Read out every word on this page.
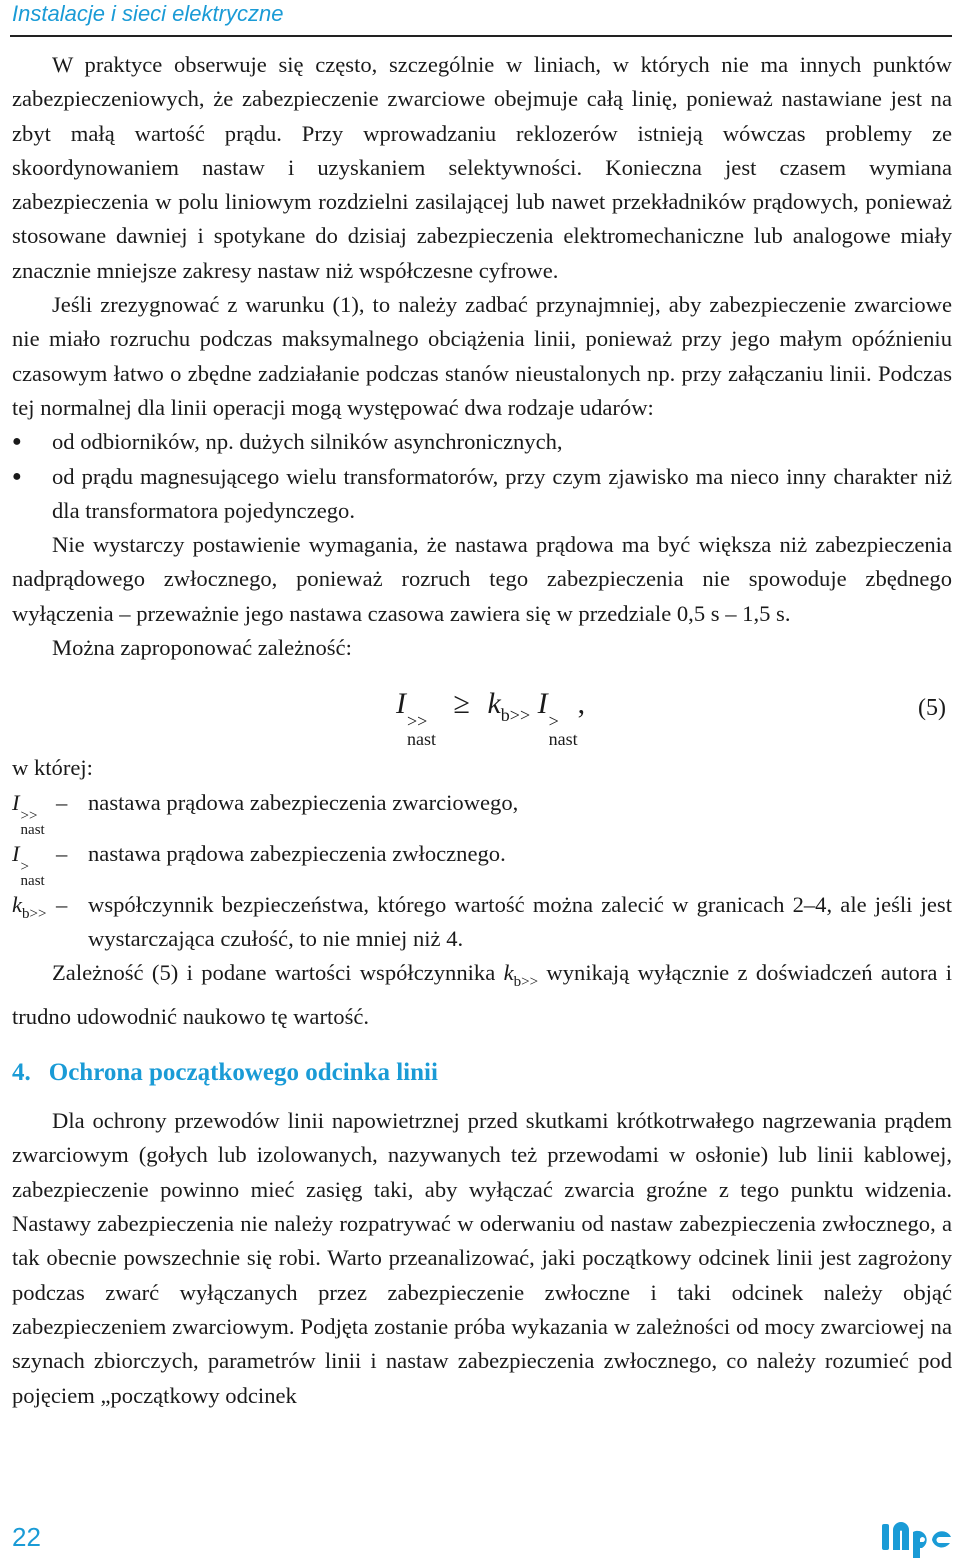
Instalacje i sieci elektryczne

W praktyce obserwuje się często, szczególnie w liniach, w których nie ma innych punktów zabezpieczeniowych, że zabezpieczenie zwarciowe obejmuje całą linię, ponieważ nastawiane jest na zbyt małą wartość prądu. Przy wprowadzaniu reklozerów istnieją wówczas problemy ze skoordynowaniem nastaw i uzyskaniem selektywności. Konieczna jest czasem wymiana zabezpieczenia w polu liniowym rozdzielni zasilającej lub nawet przekładników prądowych, ponieważ stosowane dawniej i spotykane do dzisiaj zabezpieczenia elektromechaniczne lub analogowe miały znacznie mniejsze zakresy nastaw niż współczesne cyfrowe.

Jeśli zrezygnować z warunku (1), to należy zadbać przynajmniej, aby zabezpieczenie zwarciowe nie miało rozruchu podczas maksymalnego obciążenia linii, ponieważ przy jego małym opóźnieniu czasowym łatwo o zbędne zadziałanie podczas stanów nieustalonych np. przy załączaniu linii. Podczas tej normalnej dla linii operacji mogą występować dwa rodzaje udarów:

●	od odbiorników, np. dużych silników asynchronicznych,
●	od prądu magnesującego wielu transformatorów, przy czym zjawisko ma nieco inny charakter niż dla transformatora pojedynczego.

Nie wystarczy postawienie wymagania, że nastawa prądowa ma być większa niż zabezpieczenia nadprądowego zwłocznego, ponieważ rozruch tego zabezpieczenia nie spowoduje zbędnego wyłączenia – przeważnie jego nastawa czasowa zawiera się w przedziale 0,5 s – 1,5 s.

Można zaproponować zależność:

I
>>
nast
≥ $k_{b>>}$ I
>
nast
,	(5)

w której:

I
>>
nast
– nastawa prądowa zabezpieczenia zwarciowego,
I
>
nast
– nastawa prądowa zabezpieczenia zwłocznego.
$k_{b>>}$ – współczynnik bezpieczeństwa, którego wartość można zalecić w granicach 2–4, ale jeśli jest wystarczająca czułość, to nie mniej niż 4.

Zależność (5) i podane wartości współczynnika $k_{b>>}$ wynikają wyłącznie z doświadczeń autora i trudno udowodnić naukowo tę wartość.

4. Ochrona początkowego odcinka linii

Dla ochrony przewodów linii napowietrznej przed skutkami krótkotrwałego nagrzewania prądem zwarciowym (gołych lub izolowanych, nazywanych też przewodami w osłonie) lub linii kablowej, zabezpieczenie powinno mieć zasięg taki, aby wyłączać zwarcia groźne z tego punktu widzenia. Nastawy zabezpieczenia nie należy rozpatrywać w oderwaniu od nastaw zabezpieczenia zwłocznego, a tak obecnie powszechnie się robi. Warto przeanalizować, jaki początkowy odcinek linii jest zagrożony podczas zwarć wyłączanych przez zabezpieczenie zwłoczne i taki odcinek należy objąć zabezpieczeniem zwarciowym. Podjęta zostanie próba wykazania w zależności od mocy zwarciowej na szynach zbiorczych, parametrów linii i nastaw zabezpieczenia zwłocznego, co należy rozumieć pod pojęciem „początkowy odcinek

22
